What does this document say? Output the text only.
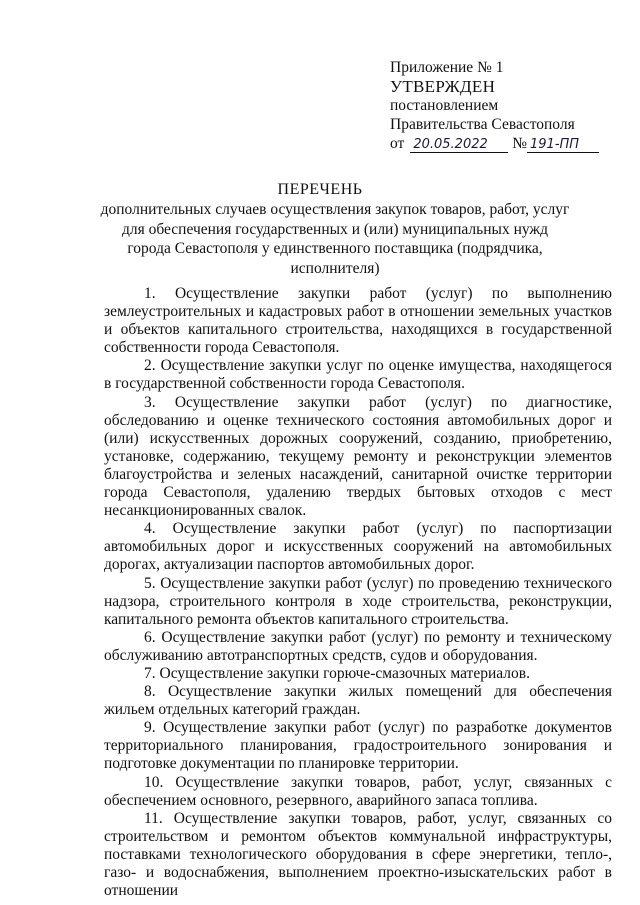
Приложение № 1
УТВЕРЖДЕН
постановлением
Правительства Севастополя
от 20.05.2022 № 191-ПП
ПЕРЕЧЕНЬ
дополнительных случаев осуществления закупок товаров, работ, услуг для обеспечения государственных и (или) муниципальных нужд города Севастополя у единственного поставщика (подрядчика, исполнителя)

1. Осуществление закупки работ (услуг) по выполнению землеустроительных и кадастровых работ в отношении земельных участков и объектов капитального строительства, находящихся в государственной собственности города Севастополя.

2. Осуществление закупки услуг по оценке имущества, находящегося в государственной собственности города Севастополя.

3. Осуществление закупки работ (услуг) по диагностике, обследованию и оценке технического состояния автомобильных дорог и (или) искусственных дорожных сооружений, созданию, приобретению, установке, содержанию, текущему ремонту и реконструкции элементов благоустройства и зеленых насаждений, санитарной очистке территории города Севастополя, удалению твердых бытовых отходов с мест несанкционированных свалок.

4. Осуществление закупки работ (услуг) по паспортизации автомобильных дорог и искусственных сооружений на автомобильных дорогах, актуализации паспортов автомобильных дорог.

5. Осуществление закупки работ (услуг) по проведению технического надзора, строительного контроля в ходе строительства, реконструкции, капитального ремонта объектов капитального строительства.

6. Осуществление закупки работ (услуг) по ремонту и техническому обслуживанию автотранспортных средств, судов и оборудования.

7. Осуществление закупки горюче-смазочных материалов.

8. Осуществление закупки жилых помещений для обеспечения жильем отдельных категорий граждан.

9. Осуществление закупки работ (услуг) по разработке документов территориального планирования, градостроительного зонирования и подготовке документации по планировке территории.

10. Осуществление закупки товаров, работ, услуг, связанных с обеспечением основного, резервного, аварийного запаса топлива.

11. Осуществление закупки товаров, работ, услуг, связанных со строительством и ремонтом объектов коммунальной инфраструктуры, поставками технологического оборудования в сфере энергетики, тепло-, газо- и водоснабжения, выполнением проектно-изыскательских работ в отношении
